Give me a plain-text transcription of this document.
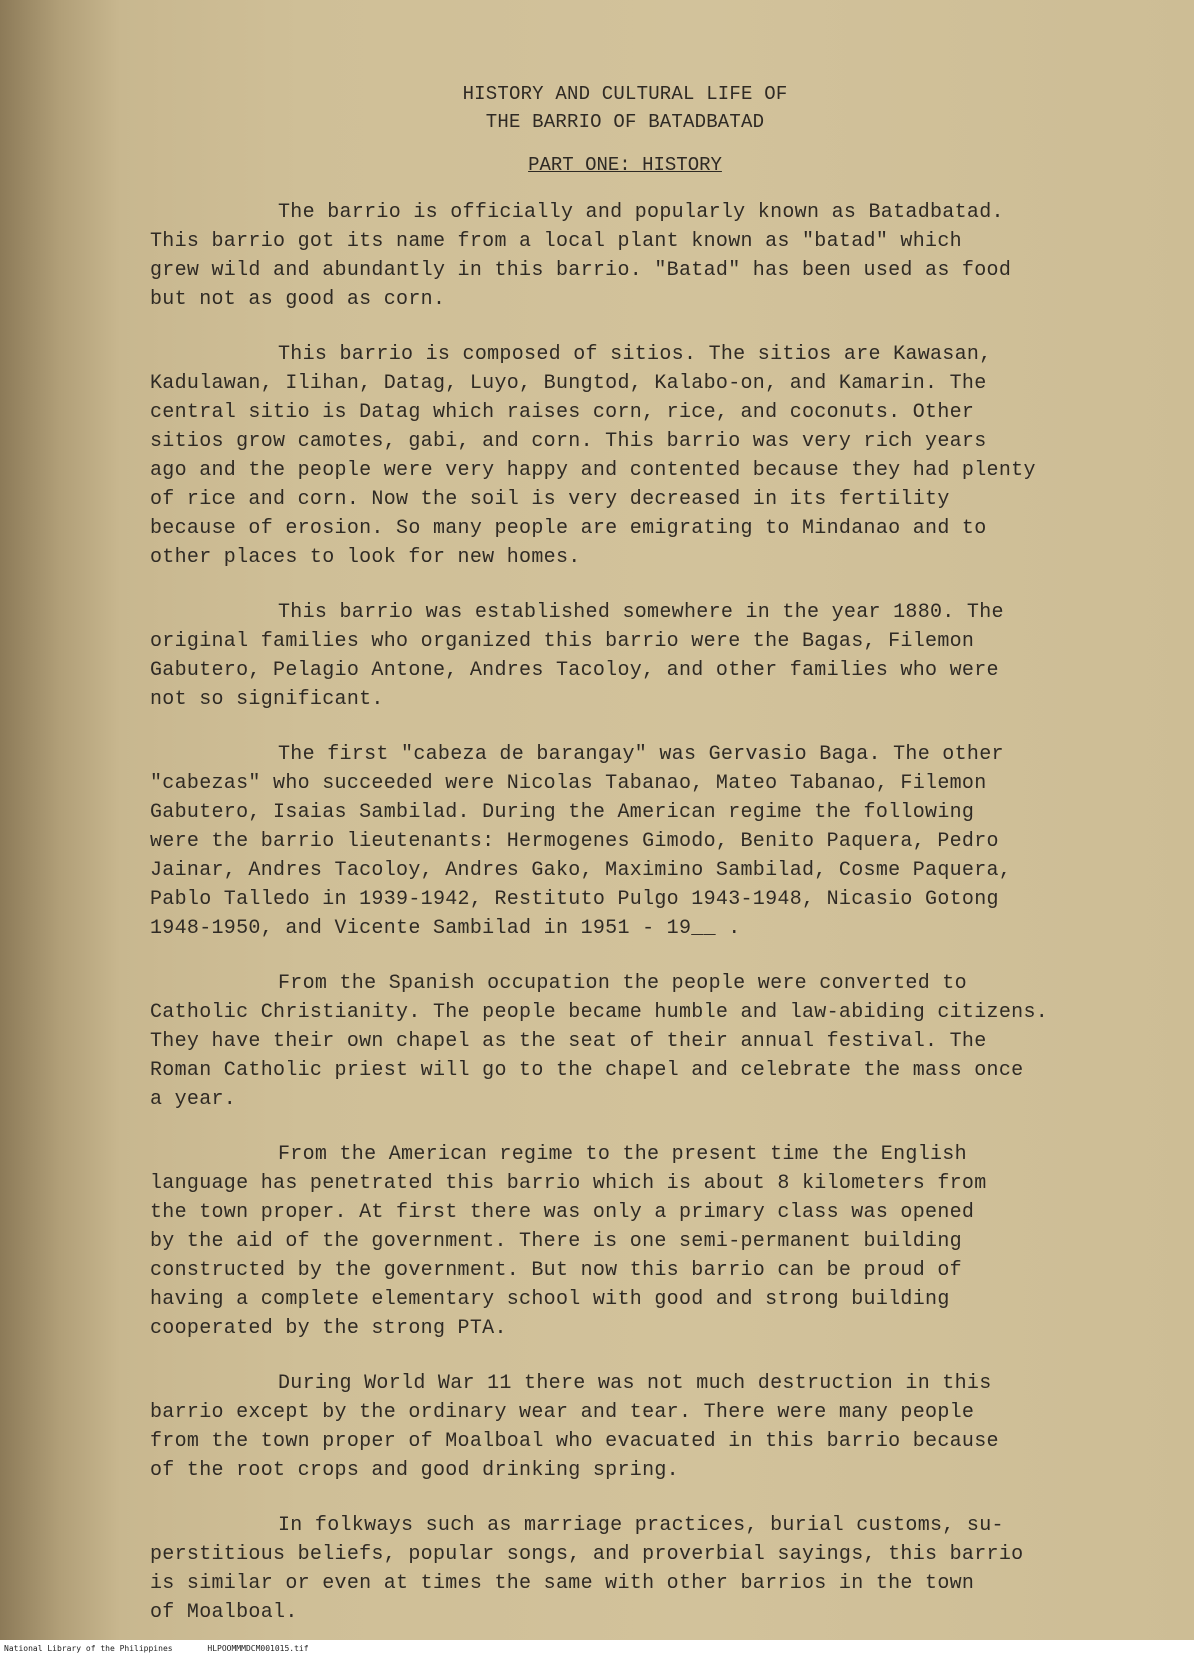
HISTORY AND CULTURAL LIFE OF
THE BARRIO OF BATADBATAD
PART ONE: HISTORY
The barrio is officially and popularly known as Batadbatad.
This barrio got its name from a local plant known as "batad" which
grew wild and abundantly in this barrio. "Batad" has been used as food
but not as good as corn.
This barrio is composed of sitios. The sitios are Kawasan,
Kadulawan, Ilihan, Datag, Luyo, Bungtod, Kalabo-on, and Kamarin. The
central sitio is Datag which raises corn, rice, and coconuts. Other
sitios grow camotes, gabi, and corn. This barrio was very rich years
ago and the people were very happy and contented because they had plenty
of rice and corn. Now the soil is very decreased in its fertility
because of erosion. So many people are emigrating to Mindanao and to
other places to look for new homes.
This barrio was established somewhere in the year 1880. The
original families who organized this barrio were the Bagas, Filemon
Gabutero, Pelagio Antone, Andres Tacoloy, and other families who were
not so significant.
The first "cabeza de barangay" was Gervasio Baga. The other
"cabezas" who succeeded were Nicolas Tabanao, Mateo Tabanao, Filemon
Gabutero, Isaias Sambilad. During the American regime the following
were the barrio lieutenants: Hermogenes Gimodo, Benito Paquera, Pedro
Jainar, Andres Tacoloy, Andres Gako, Maximino Sambilad, Cosme Paquera,
Pablo Talledo in 1939-1942, Restituto Pulgo 1943-1948, Nicasio Gotong
1948-1950, and Vicente Sambilad in 1951 - 19__ .
From the Spanish occupation the people were converted to
Catholic Christianity. The people became humble and law-abiding citizens.
They have their own chapel as the seat of their annual festival. The
Roman Catholic priest will go to the chapel and celebrate the mass once
a year.
From the American regime to the present time the English
language has penetrated this barrio which is about 8 kilometers from
the town proper. At first there was only a primary class was opened
by the aid of the government. There is one semi-permanent building
constructed by the government. But now this barrio can be proud of
having a complete elementary school with good and strong building
cooperated by the strong PTA.
During World War 11 there was not much destruction in this
barrio except by the ordinary wear and tear. There were many people
from the town proper of Moalboal who evacuated in this barrio because
of the root crops and good drinking spring.
In folkways such as marriage practices, burial customs, su-
perstitious beliefs, popular songs, and proverbial sayings, this barrio
is similar or even at times the same with other barrios in the town
of Moalboal.
National Library of the Philippines	HLPOOMMMDCM001015.tif
